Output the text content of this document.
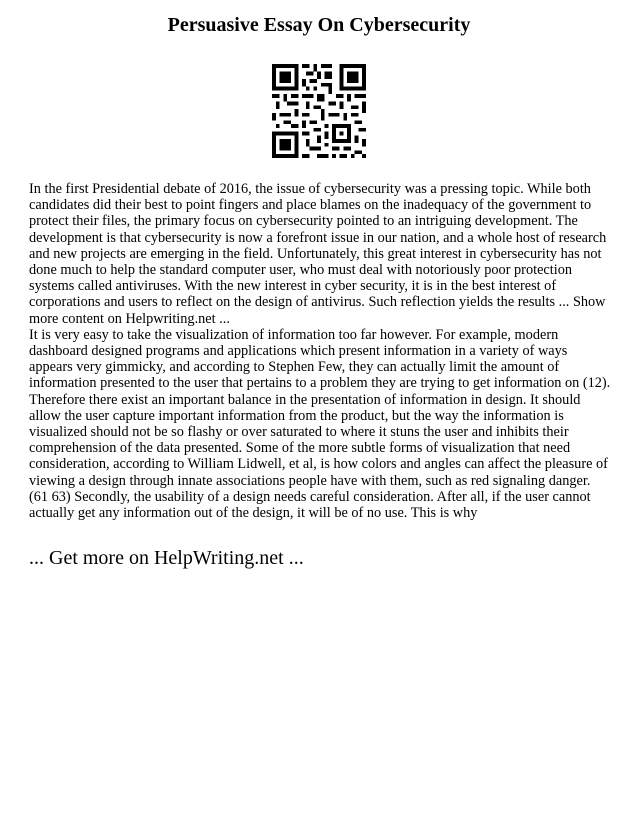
Persuasive Essay On Cybersecurity

In the first Presidential debate of 2016, the issue of cybersecurity was a pressing topic. While both candidates did their best to point fingers and place blames on the inadequacy of the government to protect their files, the primary focus on cybersecurity pointed to an intriguing development. The development is that cybersecurity is now a forefront issue in our nation, and a whole host of research and new projects are emerging in the field. Unfortunately, this great interest in cybersecurity has not done much to help the standard computer user, who must deal with notoriously poor protection systems called antiviruses. With the new interest in cyber security, it is in the best interest of corporations and users to reflect on the design of antivirus. Such reflection yields the results ... Show more content on Helpwriting.net ...

It is very easy to take the visualization of information too far however. For example, modern dashboard designed programs and applications which present information in a variety of ways appears very gimmicky, and according to Stephen Few, they can actually limit the amount of information presented to the user that pertains to a problem they are trying to get information on (12). Therefore there exist an important balance in the presentation of information in design. It should allow the user capture important information from the product, but the way the information is visualized should not be so flashy or over saturated to where it stuns the user and inhibits their comprehension of the data presented. Some of the more subtle forms of visualization that need consideration, according to William Lidwell, et al, is how colors and angles can affect the pleasure of viewing a design through innate associations people have with them, such as red signaling danger. (61 63) Secondly, the usability of a design needs careful consideration. After all, if the user cannot actually get any information out of the design, it will be of no use. This is why

... Get more on HelpWriting.net ...
